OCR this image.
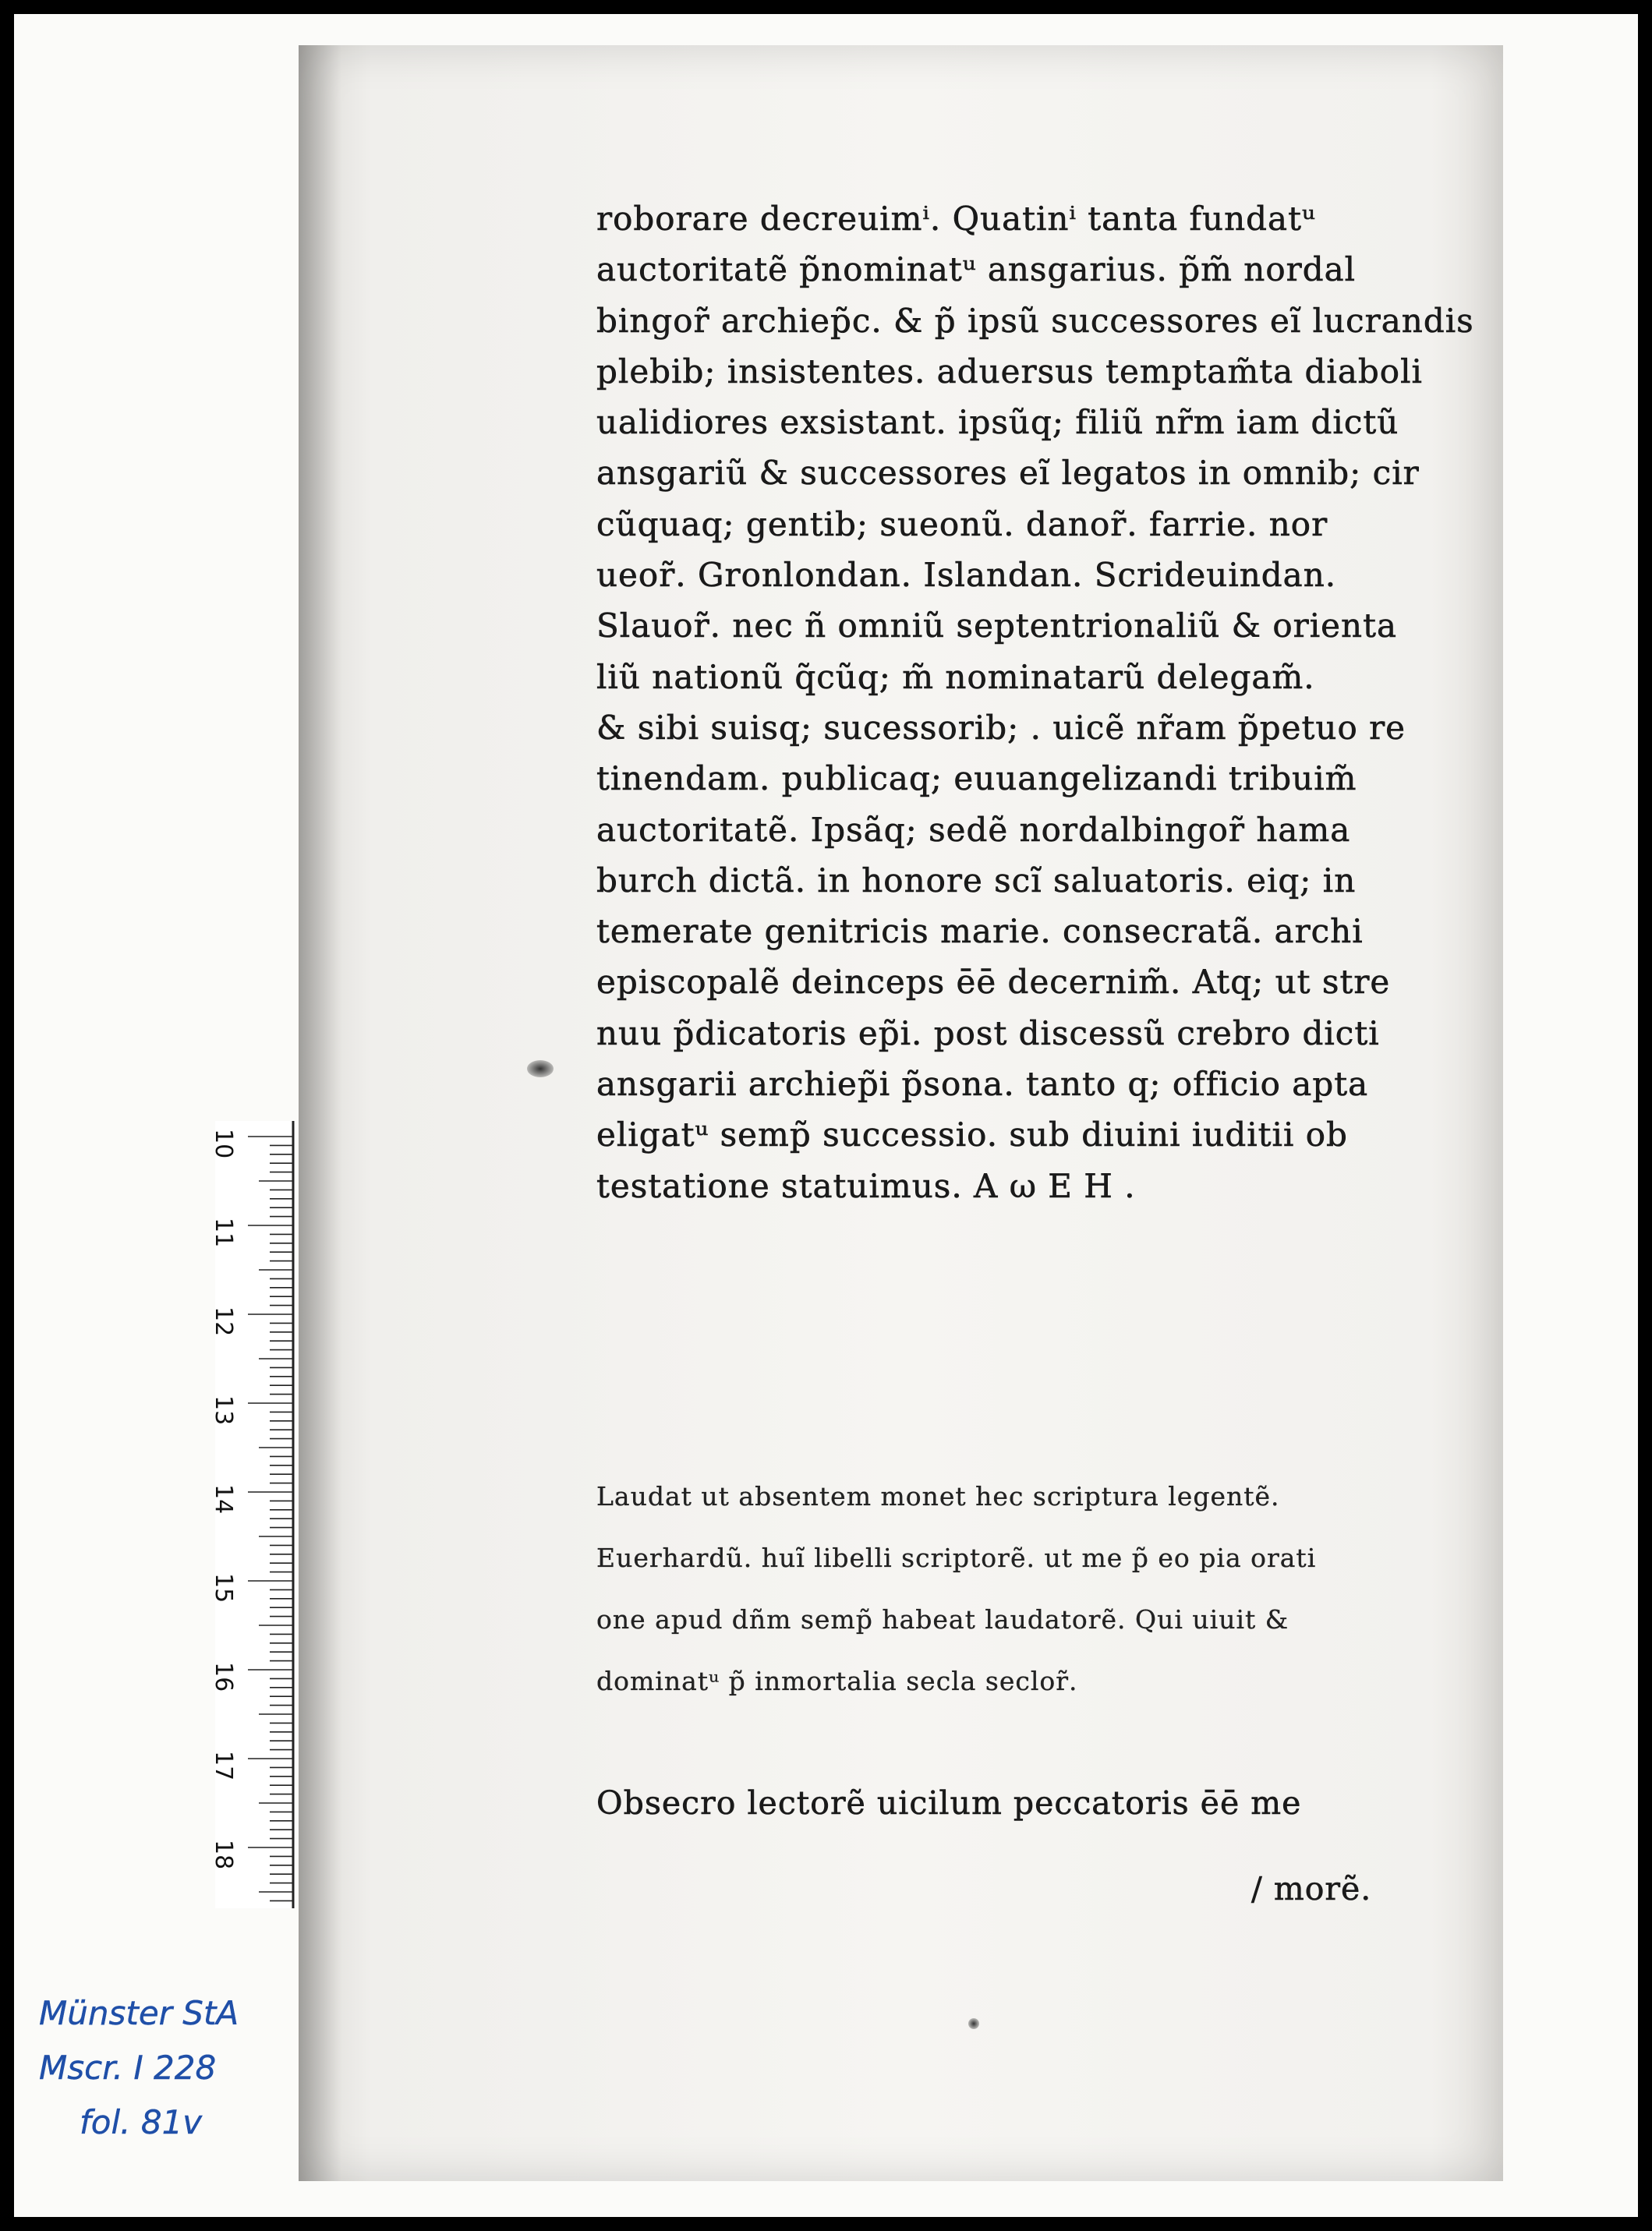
roborare decreuimⁱ. Quatinⁱ tanta fundatᵘ
auctoritatẽ p̃nominatᵘ ansgarius. p̃m̃ nordal
bingor̃ archiep̃c. & p̃ ipsũ successores eĩ lucrandis
plebib; insistentes. aduersus temptam̃ta diaboli
ualidiores exsistant. ipsũq; filiũ nr̃m iam dictũ
ansgariũ & successores eĩ legatos in omnib; cir
cũquaq; gentib; sueonũ. danor̃. farrie. nor
ueor̃. Gronlondan. Islandan. Scrideuindan.
Slauor̃. nec ñ omniũ septentrionaliũ & orienta
liũ nationũ q̃cũq; m̃ nominatarũ delegam̃.
& sibi suisq; sucessorib; . uicẽ nr̃am p̃petuo re
tinendam. publicaq; euuangelizandi tribuim̃
auctoritatẽ. Ipsãq; sedẽ nordalbingor̃ hama
burch dictã. in honore scĩ saluatoris. eiq; in
temerate genitricis marie. consecratã. archi
episcopalẽ deinceps ēē decernim̃. Atq; ut stre
nuu p̃dicatoris ep̃i. post discessũ crebro dicti
ansgarii archiep̃i p̃sona. tanto q; officio apta
eligatᵘ semp̃ successio. sub diuini iuditii ob
testatione statuimus. A ω E H .
Laudat ut absentem monet hec scriptura legentẽ.
Euerhardũ. huĩ libelli scriptorẽ. ut me p̃ eo pia orati
one apud dñm semp̃ habeat laudatorẽ. Qui uiuit &
dominatᵘ p̃ inmortalia secla seclor̃.
Obsecro lectorẽ uicilum peccatoris ēē me
/ morẽ.
10
11
12
13
14
15
16
17
18
Münster StA
Mscr. I 228
fol. 81v
